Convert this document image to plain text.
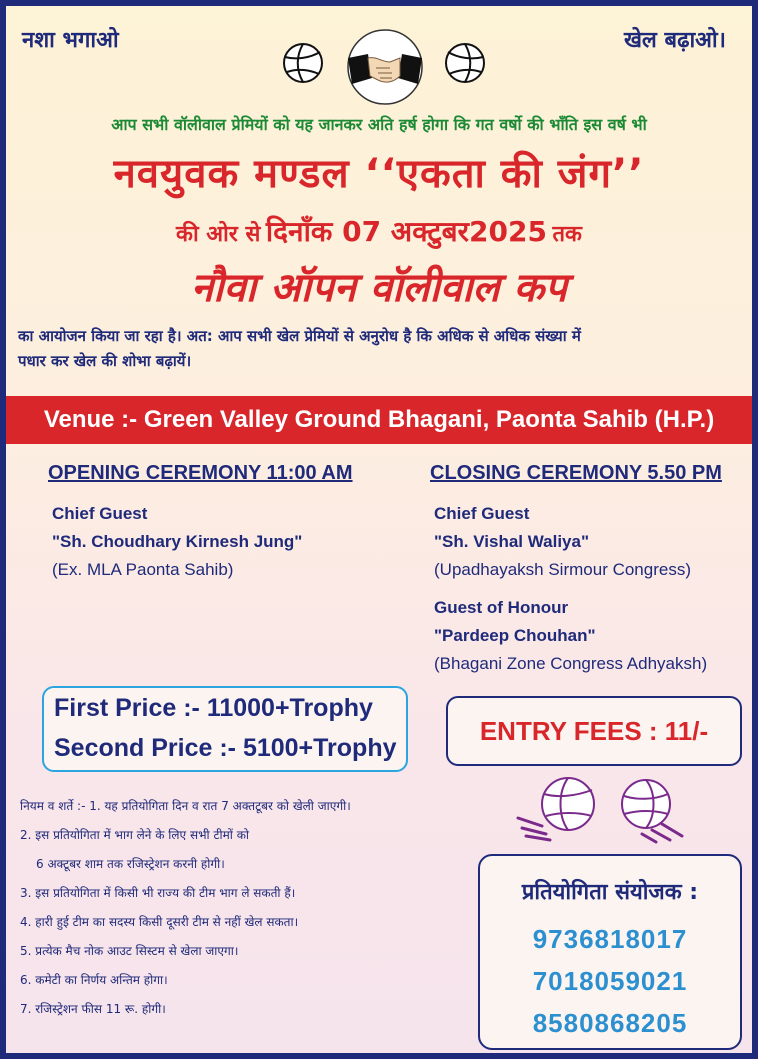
नशा भगाओ	खेल बढ़ाओ।
आप सभी वॉलीवाल प्रेमियों को यह जानकर अति हर्ष होगा कि गत वर्षो की भाँति इस वर्ष भी
नवयुवक मण्डल ‘‘एकता की जंग’’
की ओर से दिनाँक 07 अक्टुबर2025 तक
नौवा ऑपन वॉलीवाल कप
का आयोजन किया जा रहा है। अत: आप सभी खेल प्रेमियों से अनुरोध है कि अधिक से अधिक संख्या में
पधार कर खेल की शोभा बढ़ायें।
Venue :- Green Valley Ground Bhagani, Paonta Sahib (H.P.)
OPENING CEREMONY 11:00 AM
Chief Guest
"Sh. Choudhary Kirnesh Jung"
(Ex. MLA Paonta Sahib)
CLOSING CEREMONY 5.50 PM
Chief Guest
"Sh. Vishal Waliya"
(Upadhayaksh Sirmour Congress)
Guest of Honour
"Pardeep Chouhan"
(Bhagani Zone Congress Adhyaksh)
First Price :- 11000+Trophy
Second Price :- 5100+Trophy
ENTRY FEES : 11/-
नियम व शर्ते :- 1. यह प्रतियोगिता दिन व रात 7 अक्तटूबर को खेली जाएगी।
2. इस प्रतियोगिता में भाग लेने के लिए सभी टीमों को
6 अक्टूबर शाम तक रजिस्ट्रेशन करनी होगी।
3. इस प्रतियोगिता में किसी भी राज्य की टीम भाग ले सकती हैं।
4. हारी हुई टीम का सदस्य किसी दूसरी टीम से नहीं खेल सकता।
5. प्रत्येक मैच नोक आउट सिस्टम से खेला जाएगा।
6. कमेटी का निर्णय अन्तिम होगा।
7. रजिस्ट्रेशन फीस 11 रू. होगी।
प्रतियोगिता संयोजक :
9736818017
7018059021
8580868205
